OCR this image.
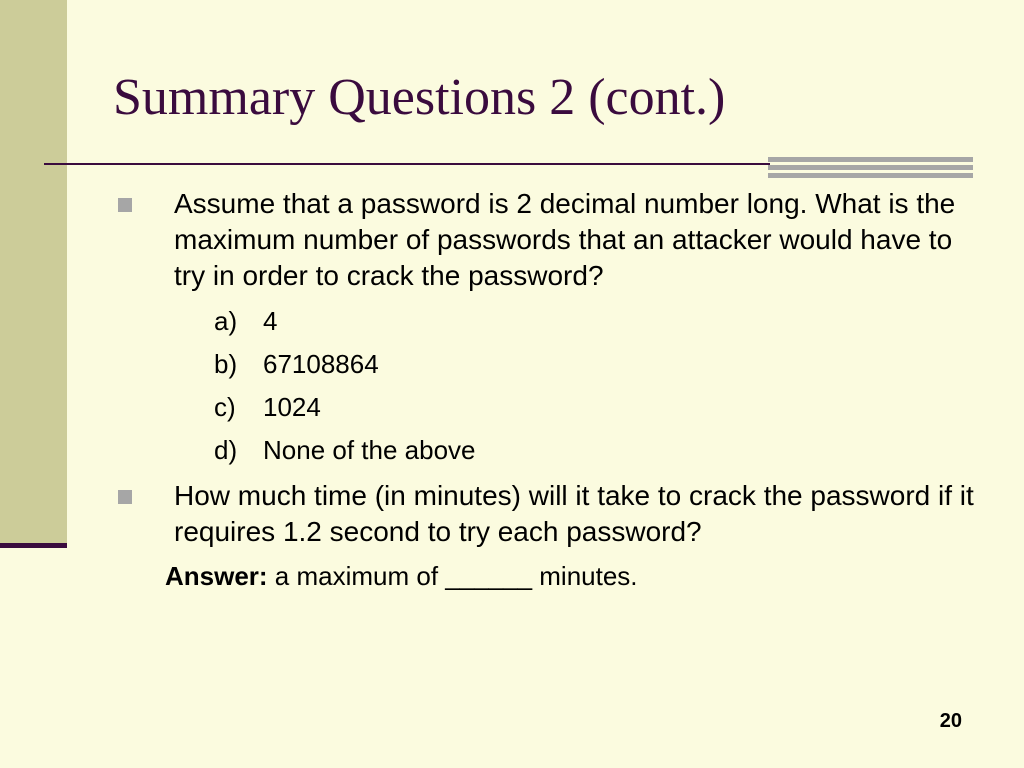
Summary Questions 2 (cont.)
Assume that a password is 2 decimal number long. What is the maximum number of passwords that an attacker would have to try in order to crack the password?
a) 4
b) 67108864
c)	1024
d) None of the above
How much time (in minutes) will it take to crack the password if it requires 1.2 second to try each password?
Answer: a maximum of ______ minutes.
20
